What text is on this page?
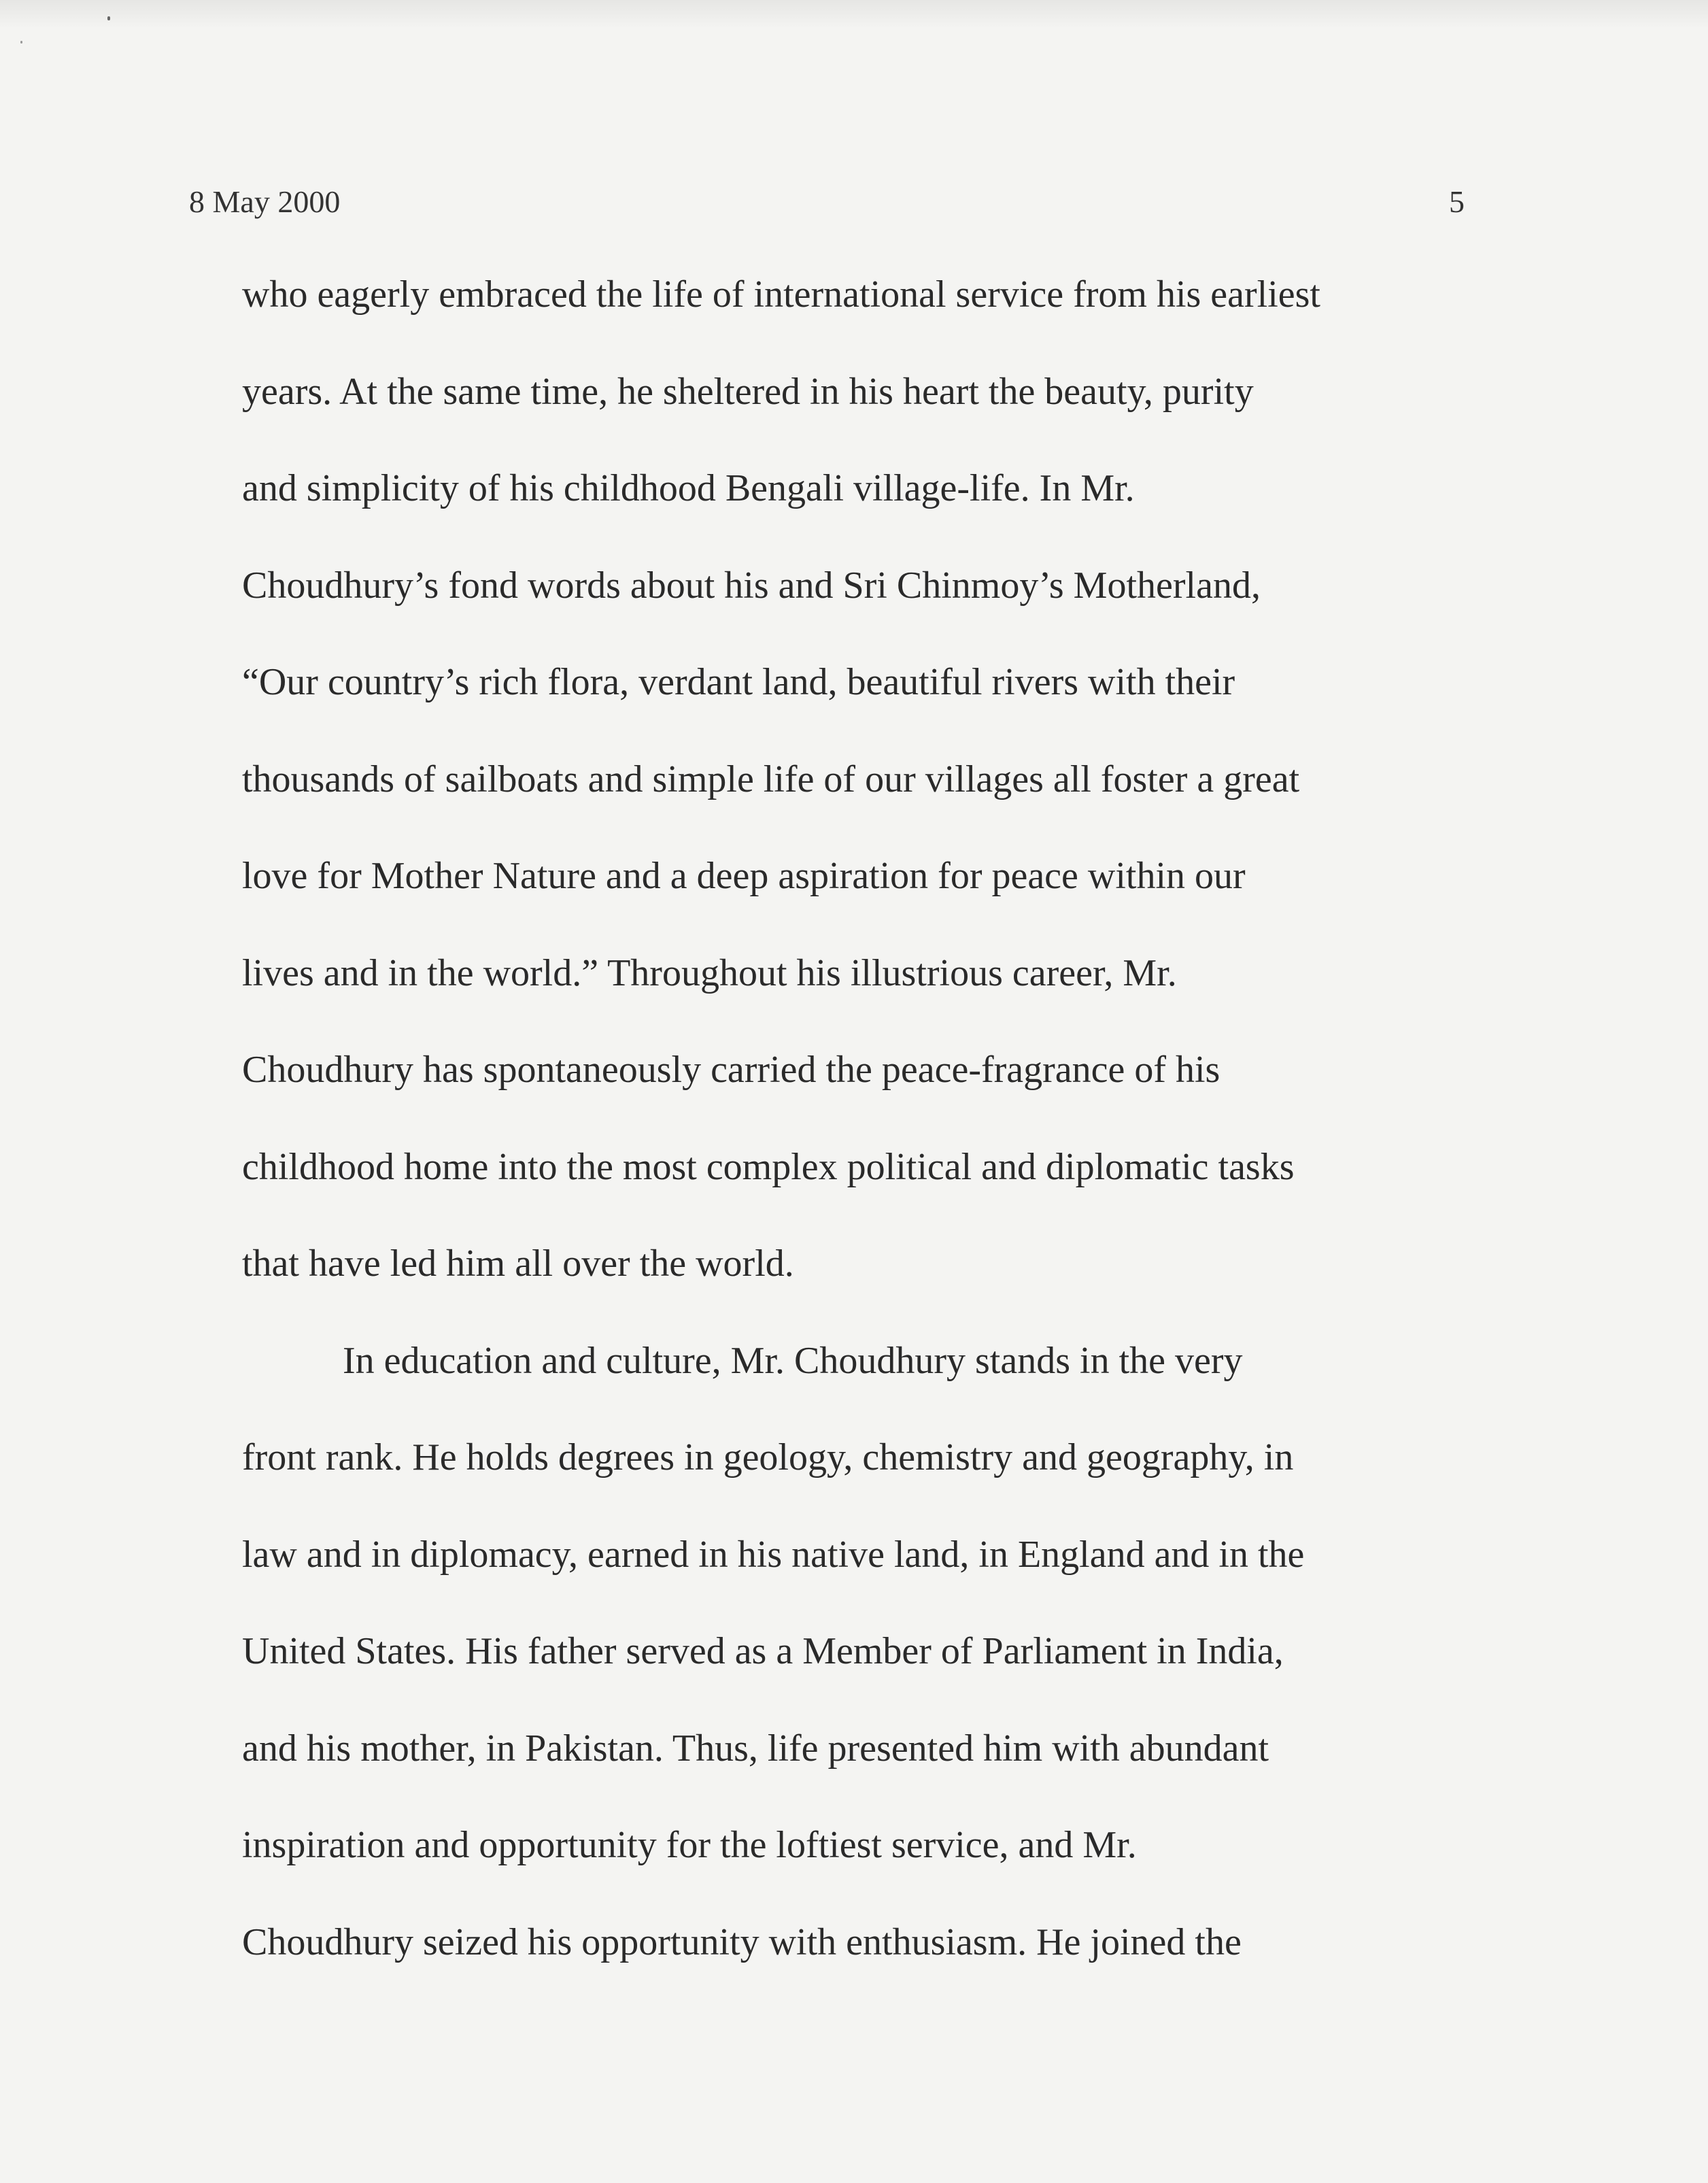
8 May 2000	5
who eagerly embraced the life of international service from his earliest
years. At the same time, he sheltered in his heart the beauty, purity
and simplicity of his childhood Bengali village-life. In Mr.
Choudhury’s fond words about his and Sri Chinmoy’s Motherland,
“Our country’s rich flora, verdant land, beautiful rivers with their
thousands of sailboats and simple life of our villages all foster a great
love for Mother Nature and a deep aspiration for peace within our
lives and in the world.” Throughout his illustrious career, Mr.
Choudhury has spontaneously carried the peace-fragrance of his
childhood home into the most complex political and diplomatic tasks
that have led him all over the world.
In education and culture, Mr. Choudhury stands in the very
front rank. He holds degrees in geology, chemistry and geography, in
law and in diplomacy, earned in his native land, in England and in the
United States. His father served as a Member of Parliament in India,
and his mother, in Pakistan. Thus, life presented him with abundant
inspiration and opportunity for the loftiest service, and Mr.
Choudhury seized his opportunity with enthusiasm. He joined the
